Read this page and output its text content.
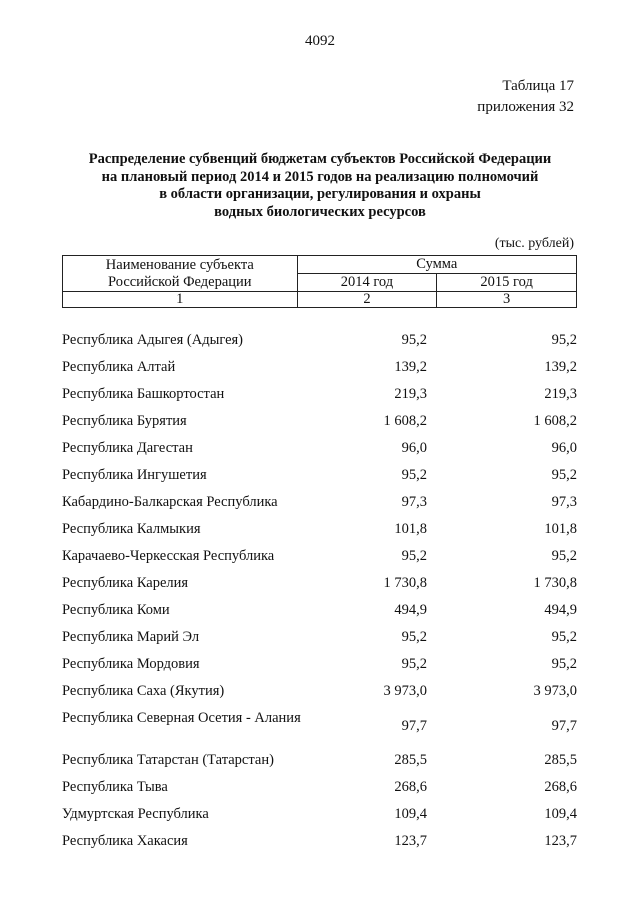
4092
Таблица 17
приложения 32
Распределение субвенций бюджетам субъектов Российской Федерации
на плановый период 2014 и 2015 годов на реализацию полномочий
в области организации, регулирования и охраны
водных биологических ресурсов
(тыс. рублей)
Наименование субъекта
Российской Федерации	Сумма	
	2014 год	2015 год
1	2	3
Республика Адыгея (Адыгея)	95,2	95,2
Республика Алтай	139,2	139,2
Республика Башкортостан	219,3	219,3
Республика Бурятия	1 608,2	1 608,2
Республика Дагестан	96,0	96,0
Республика Ингушетия	95,2	95,2
Кабардино-Балкарская Республика	97,3	97,3
Республика Калмыкия	101,8	101,8
Карачаево-Черкесская Республика	95,2	95,2
Республика Карелия	1 730,8	1 730,8
Республика Коми	494,9	494,9
Республика Марий Эл	95,2	95,2
Республика Мордовия	95,2	95,2
Республика Саха (Якутия)	3 973,0	3 973,0
Республика Северная Осетия - Алания	97,7	97,7
Республика Татарстан (Татарстан)	285,5	285,5
Республика Тыва	268,6	268,6
Удмуртская Республика	109,4	109,4
Республика Хакасия	123,7	123,7
